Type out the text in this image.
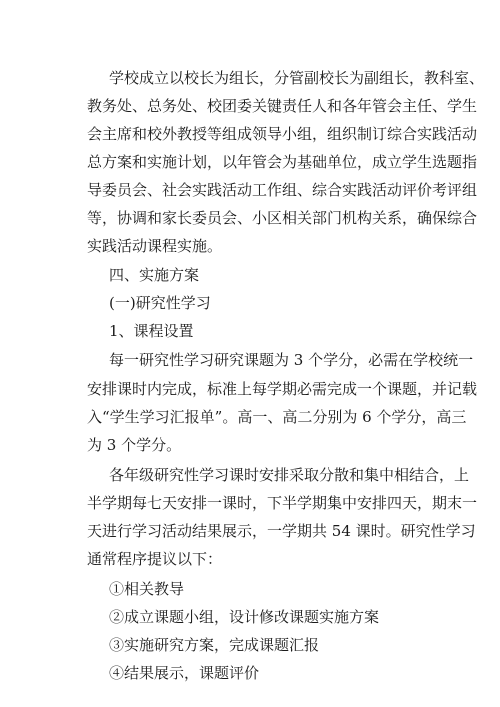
学校成立以校长为组长，分管副校长为副组长，教科室、
教务处、总务处、校团委关键责任人和各年管会主任、学生
会主席和校外教授等组成领导小组，组织制订综合实践活动
总方案和实施计划，以年管会为基础单位，成立学生选题指
导委员会、社会实践活动工作组、综合实践活动评价考评组
等，协调和家长委员会、小区相关部门机构关系，确保综合
实践活动课程实施。
四、实施方案
(一)研究性学习
1、课程设置
每一研究性学习研究课题为 3 个学分，必需在学校统一
安排课时内完成，标准上每学期必需完成一个课题，并记载
入“学生学习汇报单”。高一、高二分别为 6 个学分，高三
为 3 个学分。
各年级研究性学习课时安排采取分散和集中相结合，上
半学期每七天安排一课时，下半学期集中安排四天，期末一
天进行学习活动结果展示，一学期共 54 课时。研究性学习
通常程序提议以下：
①相关教导
②成立课题小组，设计修改课题实施方案
③实施研究方案，完成课题汇报
④结果展示，课题评价
